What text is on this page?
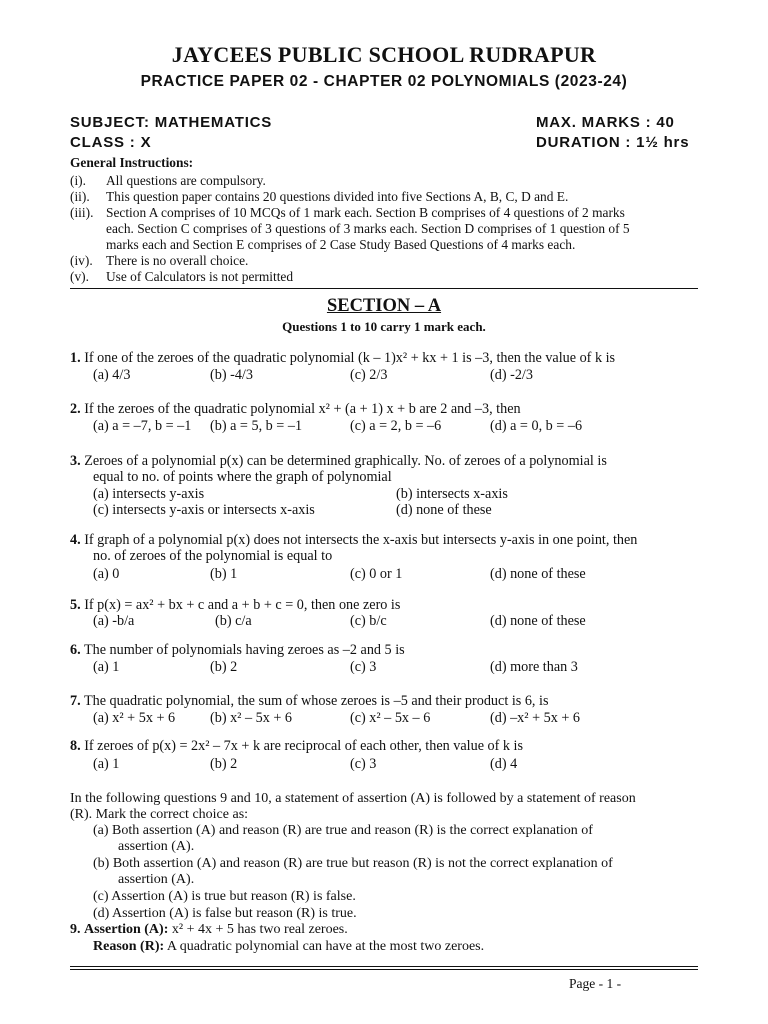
JAYCEES PUBLIC SCHOOL RUDRAPUR
PRACTICE PAPER 02 - CHAPTER 02 POLYNOMIALS (2023-24)
SUBJECT: MATHEMATICS
CLASS : X
MAX. MARKS : 40
DURATION : 1½ hrs
General Instructions:
(i). All questions are compulsory.
(ii). This question paper contains 20 questions divided into five Sections A, B, C, D and E.
(iii). Section A comprises of 10 MCQs of 1 mark each. Section B comprises of 4 questions of 2 marks
each. Section C comprises of 3 questions of 3 marks each. Section D comprises of 1 question of 5
marks each and Section E comprises of 2 Case Study Based Questions of 4 marks each.
(iv). There is no overall choice.
(v). Use of Calculators is not permitted
SECTION – A
Questions 1 to 10 carry 1 mark each.
1. If one of the zeroes of the quadratic polynomial (k – 1)x² + kx + 1 is –3, then the value of k is
(a) 4/3	(b) -4/3	(c) 2/3	(d) -2/3
2. If the zeroes of the quadratic polynomial x² + (a + 1) x + b are 2 and –3, then
(a) a = –7, b = –1 (b) a = 5, b = –1	(c) a = 2, b = –6	(d) a = 0, b = –6
3. Zeroes of a polynomial p(x) can be determined graphically. No. of zeroes of a polynomial is
equal to no. of points where the graph of polynomial
(a) intersects y-axis	(b) intersects x-axis
(c) intersects y-axis or intersects x-axis	(d) none of these
4. If graph of a polynomial p(x) does not intersects the x-axis but intersects y-axis in one point, then
no. of zeroes of the polynomial is equal to
(a) 0	(b) 1	(c) 0 or 1	(d) none of these
5. If p(x) = ax² + bx + c and a + b + c = 0, then one zero is
(a) -b/a	(b) c/a	(c) b/c	(d) none of these
6. The number of polynomials having zeroes as –2 and 5 is
(a) 1	(b) 2	(c) 3	(d) more than 3
7. The quadratic polynomial, the sum of whose zeroes is –5 and their product is 6, is
(a) x² + 5x + 6 (b) x² – 5x + 6	(c) x² – 5x – 6	(d) –x² + 5x + 6
8. If zeroes of p(x) = 2x² – 7x + k are reciprocal of each other, then value of k is
(a) 1	(b) 2	(c) 3	(d) 4
In the following questions 9 and 10, a statement of assertion (A) is followed by a statement of reason
(R). Mark the correct choice as:
(a) Both assertion (A) and reason (R) are true and reason (R) is the correct explanation of
assertion (A).
(b) Both assertion (A) and reason (R) are true but reason (R) is not the correct explanation of
assertion (A).
(c) Assertion (A) is true but reason (R) is false.
(d) Assertion (A) is false but reason (R) is true.
9. Assertion (A): x² + 4x + 5 has two real zeroes.
Reason (R): A quadratic polynomial can have at the most two zeroes.
Page - 1 -
